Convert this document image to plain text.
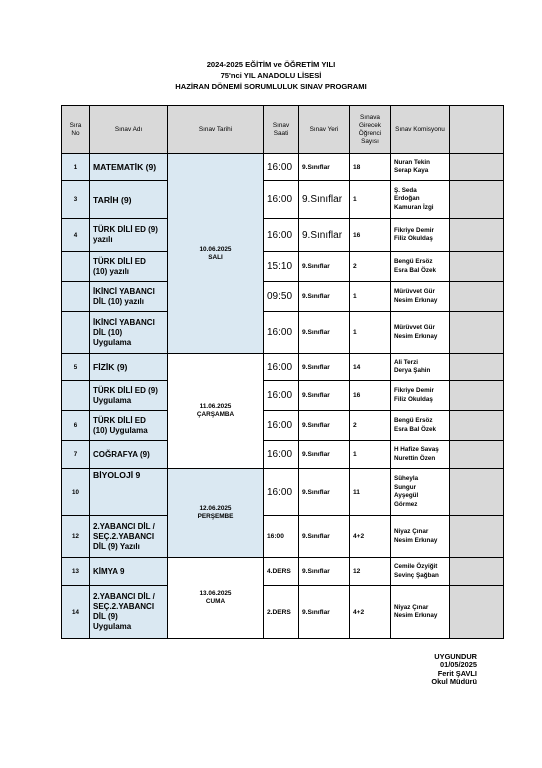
2024-2025 EĞİTİM ve ÖĞRETİM YILI
75'nci YIL ANADOLU LİSESİ
HAZİRAN DÖNEMİ SORUMLULUK SINAV PROGRAMI
Sıra No	Sınav Adı	Sınav Tarihi	Sınav Saati	Sınav Yeri	Sınava Girecek Öğrenci Sayısı	Sınav Komisyonu	
1	MATEMATİK (9)	10.06.2025
SALI	16:00	9.Sınıflar	18	Nuran Tekin
Serap Kaya	
3	TARİH (9)		16:00	9.Sınıflar	1	Ş. Seda
Erdoğan
Kamuran İzgi	
4	TÜRK DİLİ ED (9)
yazılı		16:00	9.Sınıflar	16	Fikriye Demir
Filiz Okuldaş	
	TÜRK DİLİ ED
(10) yazılı		15:10	9.Sınıflar	2	Bengü Ersöz
Esra Bal Özek	
	İKİNCİ YABANCI
DİL (10) yazılı		09:50	9.Sınıflar	1	Mürüvvet Gür
Nesim Erkınay	
	İKİNCİ YABANCI
DİL (10)
Uygulama		16:00	9.Sınıflar	1	Mürüvvet Gür
Nesim Erkınay	
5	FİZİK (9)	11.06.2025
ÇARŞAMBA	16:00	9.Sınıflar	14	Ali Terzi
Derya Şahin	
	TÜRK DİLİ ED (9)
Uygulama		16:00	9.Sınıflar	16	Fikriye Demir
Filiz Okuldaş	
6	TÜRK DİLİ ED
(10) Uygulama		16:00	9.Sınıflar	2	Bengü Ersöz
Esra Bal Özek	
7	COĞRAFYA (9)		16:00	9.Sınıflar	1	H Hafize Savaş
Nurettin Özen	
10	BİYOLOJİ 9	12.06.2025
PERŞEMBE	16:00	9.Sınıflar	11	Süheyla
Sungur
Ayşegül
Görmez	
12	2.YABANCI DİL /
SEÇ.2.YABANCI
DİL (9) Yazılı		16:00	9.Sınıflar	4+2	Niyaz Çınar
Nesim Erkınay	
13	KİMYA 9	13.06.2025
CUMA	4.DERS	9.Sınıflar	12	Cemile Özyiğit
Sevinç Şağban	
14	2.YABANCI DİL /
SEÇ.2.YABANCI
DİL (9)
Uygulama		2.DERS	9.Sınıflar	4+2	Niyaz Çınar
Nesim Erkınay	
UYGUNDUR
01/05/2025
Ferit ŞAVLI
Okul Müdürü
